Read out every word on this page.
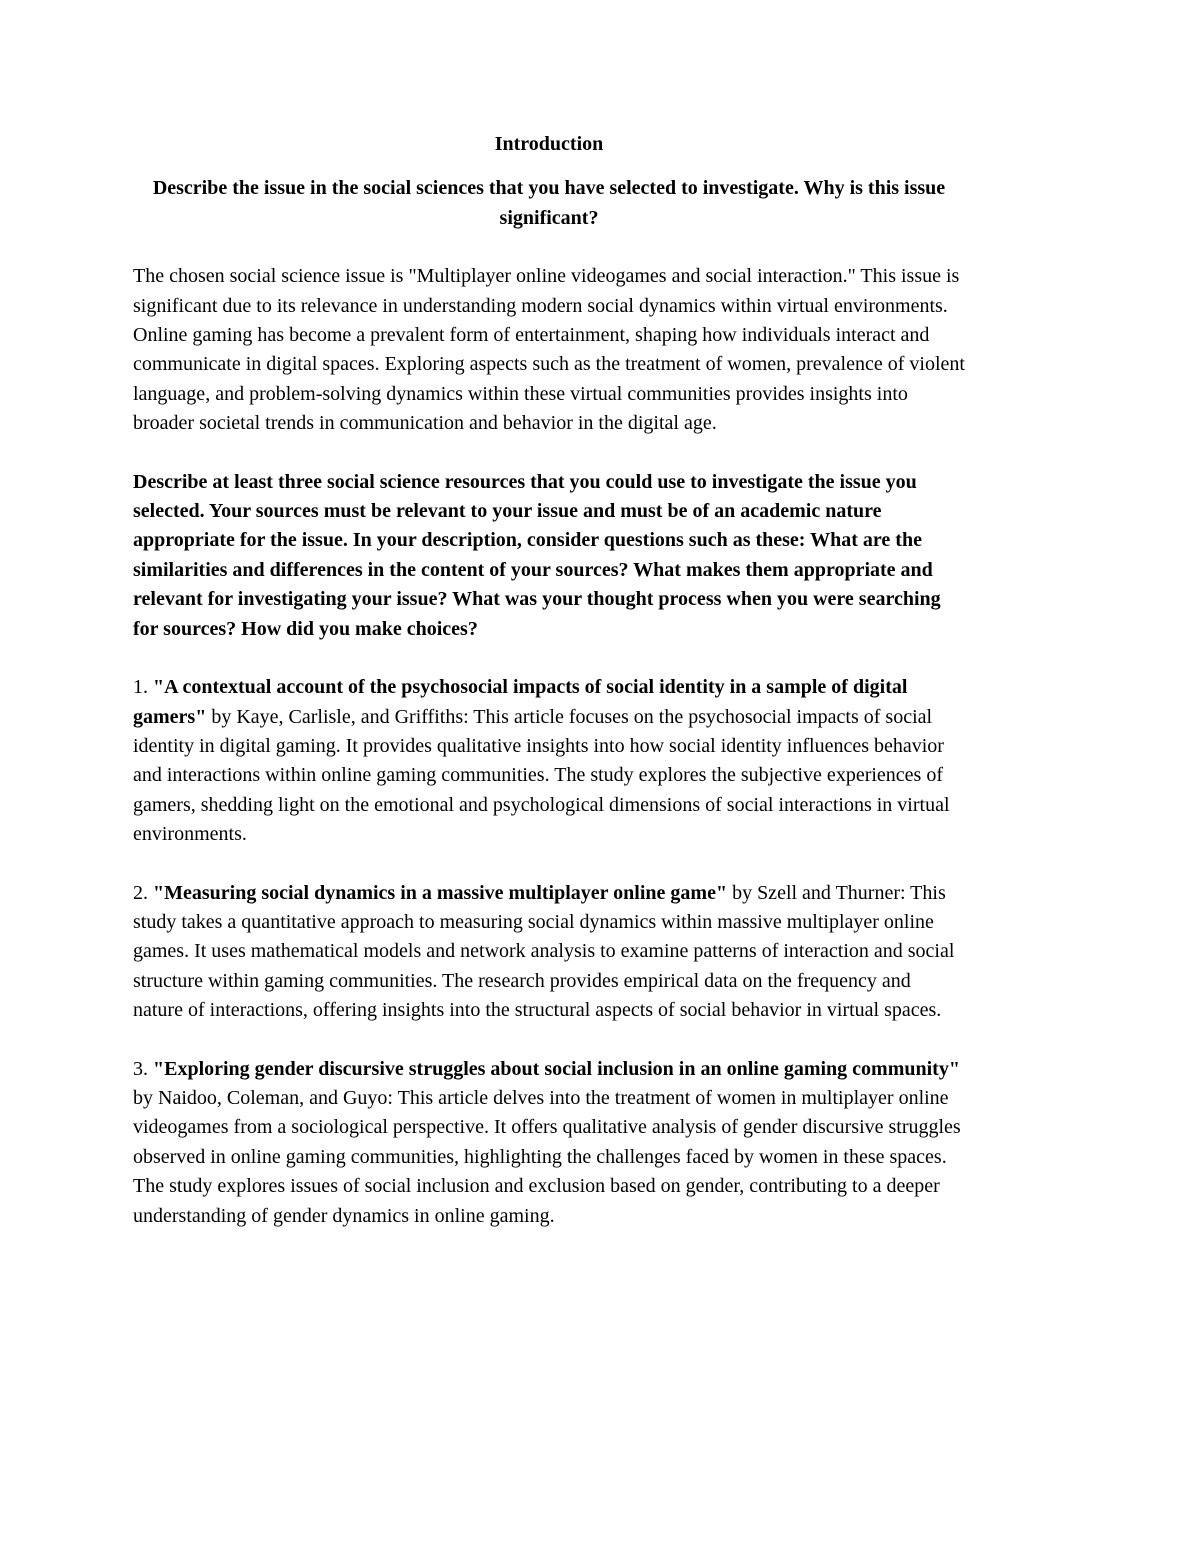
Introduction

Describe the issue in the social sciences that you have selected to investigate. Why is this issue significant?

The chosen social science issue is "Multiplayer online videogames and social interaction." This issue is significant due to its relevance in understanding modern social dynamics within virtual environments. Online gaming has become a prevalent form of entertainment, shaping how individuals interact and communicate in digital spaces. Exploring aspects such as the treatment of women, prevalence of violent language, and problem-solving dynamics within these virtual communities provides insights into broader societal trends in communication and behavior in the digital age.

Describe at least three social science resources that you could use to investigate the issue you selected. Your sources must be relevant to your issue and must be of an academic nature appropriate for the issue. In your description, consider questions such as these: What are the similarities and differences in the content of your sources? What makes them appropriate and relevant for investigating your issue? What was your thought process when you were searching for sources? How did you make choices?

1. "A contextual account of the psychosocial impacts of social identity in a sample of digital gamers" by Kaye, Carlisle, and Griffiths: This article focuses on the psychosocial impacts of social identity in digital gaming. It provides qualitative insights into how social identity influences behavior and interactions within online gaming communities. The study explores the subjective experiences of gamers, shedding light on the emotional and psychological dimensions of social interactions in virtual environments.

2. "Measuring social dynamics in a massive multiplayer online game" by Szell and Thurner: This study takes a quantitative approach to measuring social dynamics within massive multiplayer online games. It uses mathematical models and network analysis to examine patterns of interaction and social structure within gaming communities. The research provides empirical data on the frequency and nature of interactions, offering insights into the structural aspects of social behavior in virtual spaces.

3. "Exploring gender discursive struggles about social inclusion in an online gaming community" by Naidoo, Coleman, and Guyo: This article delves into the treatment of women in multiplayer online videogames from a sociological perspective. It offers qualitative analysis of gender discursive struggles observed in online gaming communities, highlighting the challenges faced by women in these spaces. The study explores issues of social inclusion and exclusion based on gender, contributing to a deeper understanding of gender dynamics in online gaming.
